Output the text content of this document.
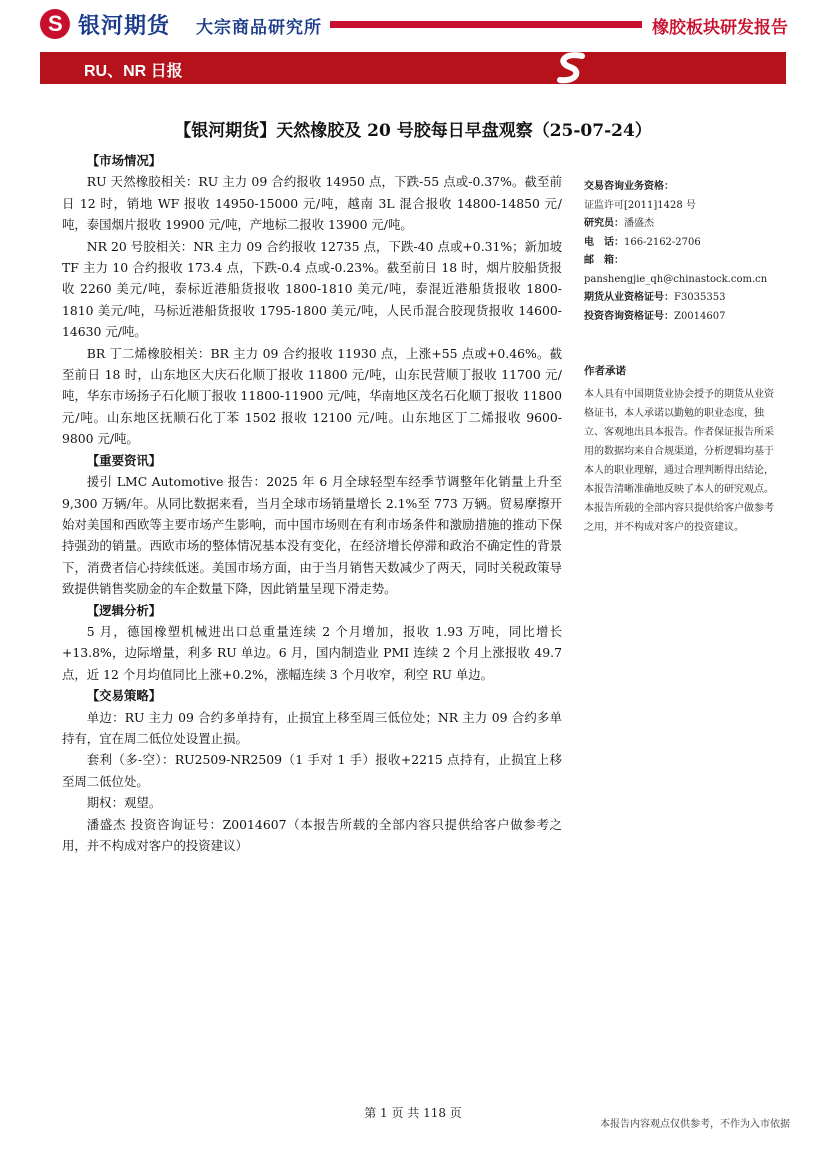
S 银河期货 大宗商品研究所	橡胶板块研发报告
RU、NR 日报
【银河期货】天然橡胶及 20 号胶每日早盘观察（25-07-24）

【市场情况】

RU 天然橡胶相关：RU 主力 09 合约报收 14950 点，下跌-55 点或-0.37%。截至前日 12 时，销地 WF 报收 14950-15000 元/吨，越南 3L 混合报收 14800-14850 元/吨，泰国烟片报收 19900 元/吨，产地标二报收 13900 元/吨。

NR 20 号胶相关：NR 主力 09 合约报收 12735 点，下跌-40 点或+0.31%；新加坡 TF 主力 10 合约报收 173.4 点，下跌-0.4 点或-0.23%。截至前日 18 时，烟片胶船货报收 2260 美元/吨，泰标近港船货报收 1800-1810 美元/吨，泰混近港船货报收 1800-1810 美元/吨，马标近港船货报收 1795-1800 美元/吨，人民币混合胶现货报收 14600-14630 元/吨。

BR 丁二烯橡胶相关：BR 主力 09 合约报收 11930 点，上涨+55 点或+0.46%。截至前日 18 时，山东地区大庆石化顺丁报收 11800 元/吨，山东民营顺丁报收 11700 元/吨，华东市场扬子石化顺丁报收 11800-11900 元/吨，华南地区茂名石化顺丁报收 11800 元/吨。山东地区抚顺石化丁苯 1502 报收 12100 元/吨。山东地区丁二烯报收 9600-9800 元/吨。

【重要资讯】

援引 LMC Automotive 报告：2025 年 6 月全球轻型车经季节调整年化销量上升至 9,300 万辆/年。从同比数据来看，当月全球市场销量增长 2.1%至 773 万辆。贸易摩擦开始对美国和西欧等主要市场产生影响，而中国市场则在有利市场条件和激励措施的推动下保持强劲的销量。西欧市场的整体情况基本没有变化，在经济增长停滞和政治不确定性的背景下，消费者信心持续低迷。美国市场方面，由于当月销售天数减少了两天，同时关税政策导致提供销售奖励金的车企数量下降，因此销量呈现下滑走势。

【逻辑分析】

5 月，德国橡塑机械进出口总重量连续 2 个月增加，报收 1.93 万吨，同比增长+13.8%，边际增量，利多 RU 单边。6 月，国内制造业 PMI 连续 2 个月上涨报收 49.7 点，近 12 个月均值同比上涨+0.2%，涨幅连续 3 个月收窄，利空 RU 单边。

【交易策略】

单边：RU 主力 09 合约多单持有，止损宜上移至周三低位处；NR 主力 09 合约多单持有，宜在周二低位处设置止损。

套利（多-空）：RU2509-NR2509（1 手对 1 手）报收+2215 点持有，止损宜上移至周二低位处。

期权：观望。

潘盛杰 投资咨询证号：Z0014607（本报告所载的全部内容只提供给客户做参考之用，并不构成对客户的投资建议）

交易咨询业务资格：

证监许可[2011]1428 号

研究员：潘盛杰

电　话：166-2162-2706

邮　箱：

panshengjie_qh@chinastock.com.cn

期货从业资格证号：F3035353

投资咨询资格证号：Z0014607

作者承诺

本人具有中国期货业协会授予的期货从业资格证书，本人承诺以勤勉的职业态度，独立、客观地出具本报告。作者保证报告所采用的数据均来自合规渠道，分析逻辑均基于本人的职业理解，通过合理判断得出结论，本报告清晰准确地反映了本人的研究观点。本报告所载的全部内容只提供给客户做参考之用，并不构成对客户的投资建议。

第 1 页 共 118 页
本报告内容观点仅供参考，不作为入市依据
